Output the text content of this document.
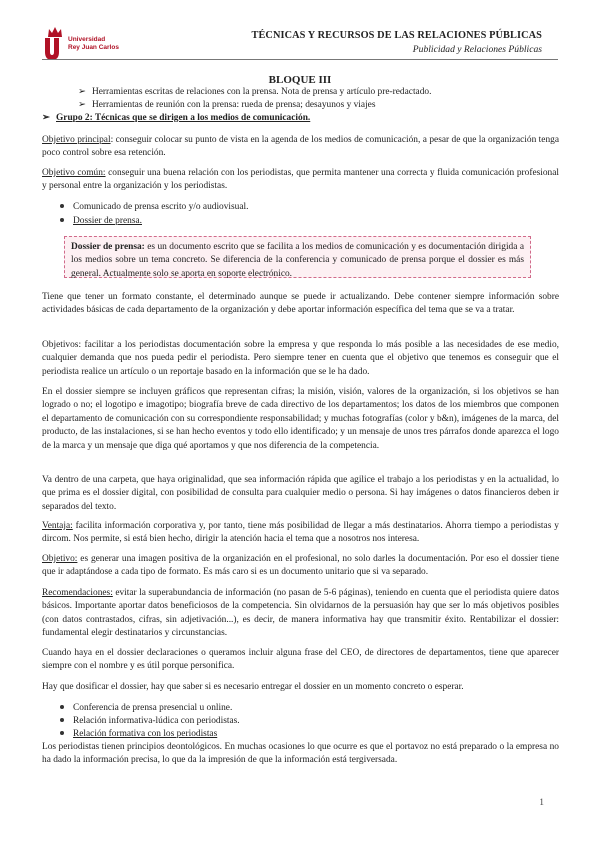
Universidad
Rey Juan Carlos
TÉCNICAS Y RECURSOS DE LAS RELACIONES PÚBLICAS
Publicidad y Relaciones Públicas
BLOQUE III
➢ Herramientas escritas de relaciones con la prensa. Nota de prensa y artículo pre-redactado.
➢ Herramientas de reunión con la prensa: rueda de prensa; desayunos y viajes
➢ Grupo 2: Técnicas que se dirigen a los medios de comunicación.
Objetivo principal: conseguir colocar su punto de vista en la agenda de los medios de comunicación, a pesar de que la organización tenga poco control sobre esa retención.
Objetivo común: conseguir una buena relación con los periodistas, que permita mantener una correcta y fluida comunicación profesional y personal entre la organización y los periodistas.
Comunicado de prensa escrito y/o audiovisual.
Dossier de prensa.
Dossier de prensa: es un documento escrito que se facilita a los medios de comunicación y es documentación dirigida a los medios sobre un tema concreto. Se diferencia de la conferencia y comunicado de prensa porque el dossier es más general. Actualmente solo se aporta en soporte electrónico.
Tiene que tener un formato constante, el determinado aunque se puede ir actualizando. Debe contener siempre información sobre actividades básicas de cada departamento de la organización y debe aportar información específica del tema que se va a tratar.
Objetivos: facilitar a los periodistas documentación sobre la empresa y que responda lo más posible a las necesidades de ese medio, cualquier demanda que nos pueda pedir el periodista. Pero siempre tener en cuenta que el objetivo que tenemos es conseguir que el periodista realice un artículo o un reportaje basado en la información que se le ha dado.
En el dossier siempre se incluyen gráficos que representan cifras; la misión, visión, valores de la organización, si los objetivos se han logrado o no; el logotipo e imagotipo; biografía breve de cada directivo de los departamentos; los datos de los miembros que componen el departamento de comunicación con su correspondiente responsabilidad; y muchas fotografías (color y b&n), imágenes de la marca, del producto, de las instalaciones, si se han hecho eventos y todo ello identificado; y un mensaje de unos tres párrafos donde aparezca el logo de la marca y un mensaje que diga qué aportamos y que nos diferencia de la competencia.
Va dentro de una carpeta, que haya originalidad, que sea información rápida que agilice el trabajo a los periodistas y en la actualidad, lo que prima es el dossier digital, con posibilidad de consulta para cualquier medio o persona. Si hay imágenes o datos financieros deben ir separados del texto.
Ventaja: facilita información corporativa y, por tanto, tiene más posibilidad de llegar a más destinatarios. Ahorra tiempo a periodistas y dircom. Nos permite, si está bien hecho, dirigir la atención hacia el tema que a nosotros nos interesa.
Objetivo: es generar una imagen positiva de la organización en el profesional, no solo darles la documentación. Por eso el dossier tiene que ir adaptándose a cada tipo de formato. Es más caro si es un documento unitario que si va separado.
Recomendaciones: evitar la superabundancia de información (no pasan de 5-6 páginas), teniendo en cuenta que el periodista quiere datos básicos. Importante aportar datos beneficiosos de la competencia. Sin olvidarnos de la persuasión hay que ser lo más objetivos posibles (con datos contrastados, cifras, sin adjetivación...), es decir, de manera informativa hay que transmitir éxito. Rentabilizar el dossier: fundamental elegir destinatarios y circunstancias.
Cuando haya en el dossier declaraciones o queramos incluir alguna frase del CEO, de directores de departamentos, tiene que aparecer siempre con el nombre y es útil porque personifica.
Hay que dosificar el dossier, hay que saber si es necesario entregar el dossier en un momento concreto o esperar.
Conferencia de prensa presencial u online.
Relación informativa-lúdica con periodistas.
Relación formativa con los periodistas
Los periodistas tienen principios deontológicos. En muchas ocasiones lo que ocurre es que el portavoz no está preparado o la empresa no ha dado la información precisa, lo que da la impresión de que la información está tergiversada.
1
